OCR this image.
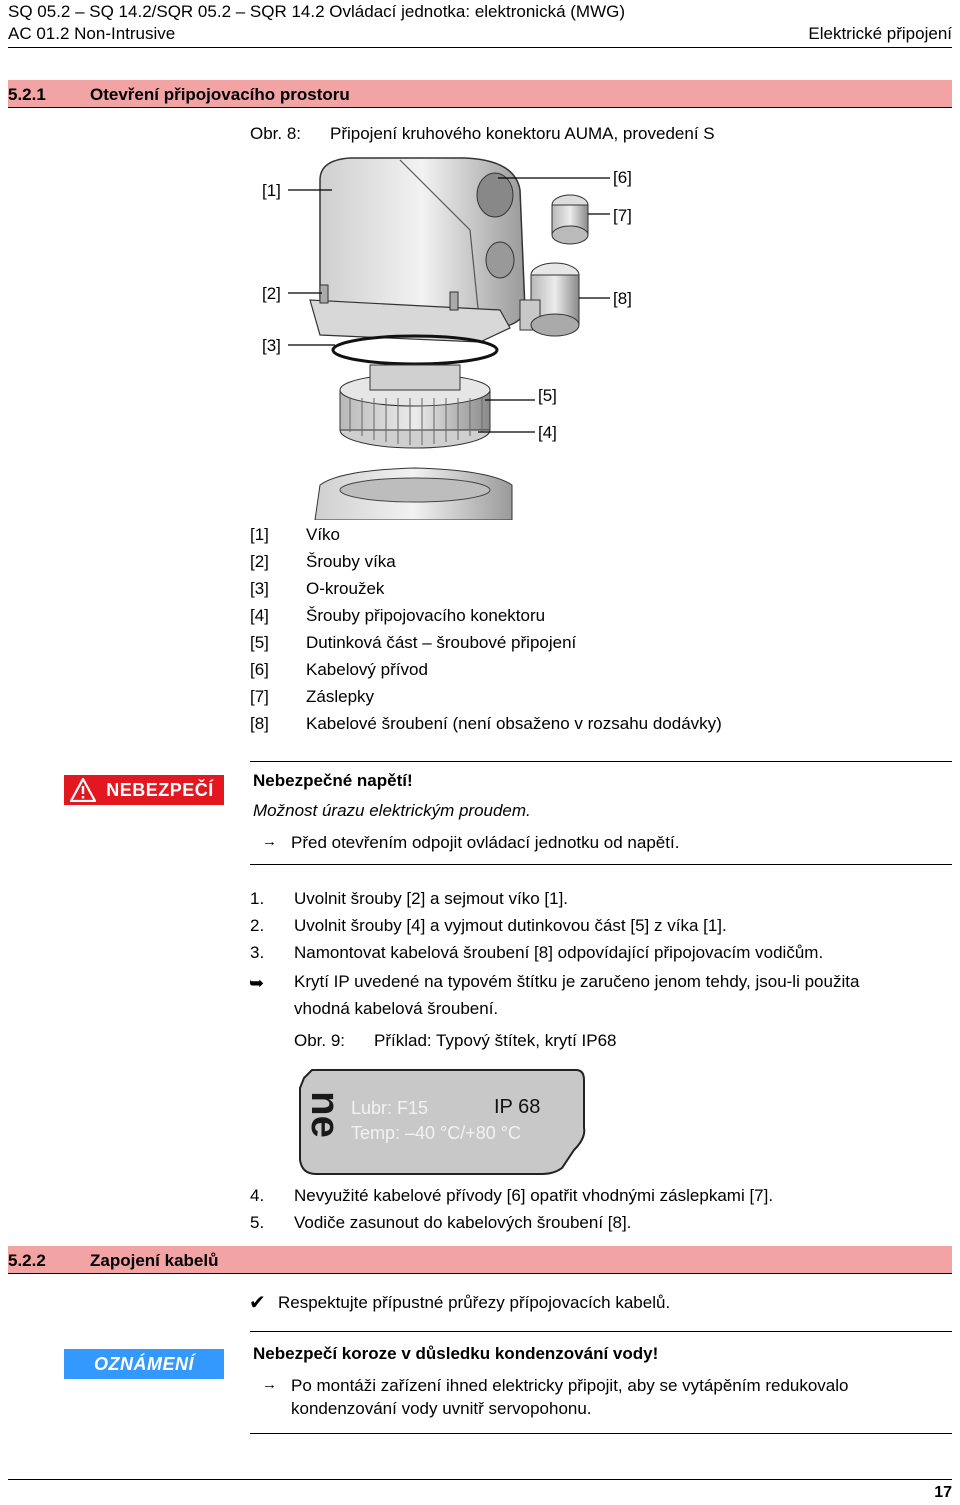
SQ 05.2 – SQ 14.2/SQR 05.2 – SQR 14.2 Ovládací jednotka: elektronická (MWG)
AC 01.2 Non-Intrusive	Elektrické připojení
5.2.1	Otevření připojovacího prostoru
Obr. 8: Připojení kruhového konektoru AUMA, provedení S
[1]
[2]
[3]
[4]
[5]
[6]
[7]
[8]
[1] Víko
[2] Šrouby víka
[3] O-kroužek
[4] Šrouby připojovacího konektoru
[5] Dutinková část – šroubové připojení
[6] Kabelový přívod
[7] Záslepky
[8] Kabelové šroubení (není obsaženo v rozsahu dodávky)
NEBEZPEČÍ	Nebezpečné napětí!
Možnost úrazu elektrickým proudem.
→ Před otevřením odpojit ovládací jednotku od napětí.
1. Uvolnit šrouby [2] a sejmout víko [1].
2. Uvolnit šrouby [4] a vyjmout dutinkovou část [5] z víka [1].
3. Namontovat kabelová šroubení [8] odpovídající připojovacím vodičům.
➥ Krytí IP uvedené na typovém štítku je zaručeno jenom tehdy, jsou-li použita
vhodná kabelová šroubení.
Obr. 9: Příklad: Typový štítek, krytí IP68
ne Lubr: F15	IP 68
Temp: –40 °C/+80 °C
4. Nevyužité kabelové přívody [6] opatřit vhodnými záslepkami [7].
5. Vodiče zasunout do kabelových šroubení [8].
5.2.2	Zapojení kabelů
✔ Respektujte přípustné průřezy přípojovacích kabelů.
OZNÁMENÍ
Nebezpečí koroze v důsledku kondenzování vody!
→ Po montáži zařízení ihned elektricky připojit, aby se vytápěním redukovalo
kondenzování vody uvnitř servopohonu.
17
